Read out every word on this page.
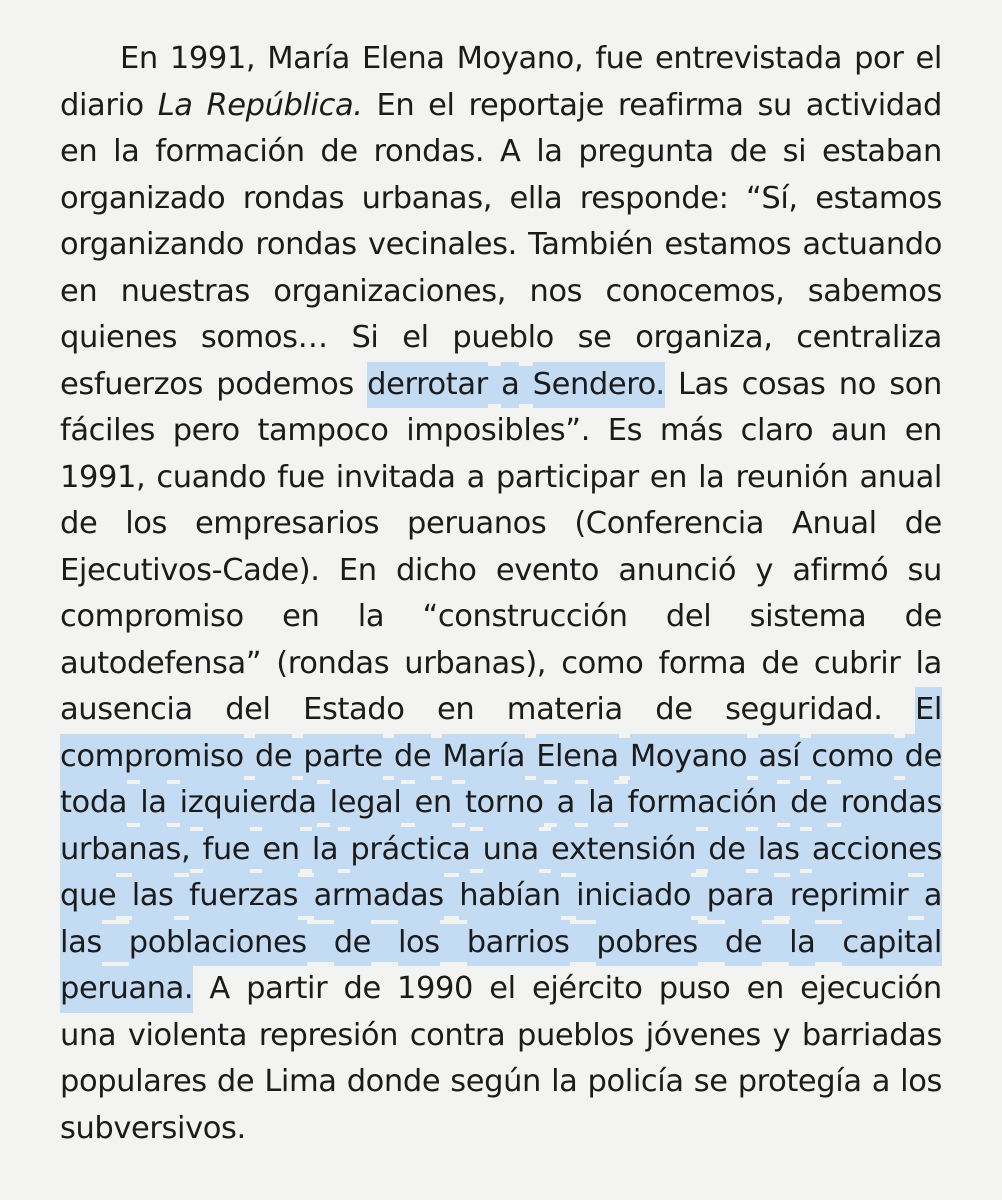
En 1991, María Elena Moyano, fue entrevistada por el
diario La República. En el reportaje reafirma su actividad
en la formación de rondas. A la pregunta de si estaban
organizado rondas urbanas, ella responde: “Sí, estamos
organizando rondas vecinales. También estamos actuando
en nuestras organizaciones, nos conocemos, sabemos
quienes somos… Si el pueblo se organiza, centraliza
esfuerzos podemos derrotar a Sendero. Las cosas no son
fáciles pero tampoco imposibles”. Es más claro aun en
1991, cuando fue invitada a participar en la reunión anual
de los empresarios peruanos (Conferencia Anual de
Ejecutivos-Cade). En dicho evento anunció y afirmó su
compromiso en la “construcción del sistema de
autodefensa” (rondas urbanas), como forma de cubrir la
ausencia del Estado en materia de seguridad. El
compromiso de parte de María Elena Moyano así como de
toda la izquierda legal en torno a la formación de rondas
urbanas, fue en la práctica una extensión de las acciones
que las fuerzas armadas habían iniciado para reprimir a
las poblaciones de los barrios pobres de la capital
peruana. A partir de 1990 el ejército puso en ejecución
una violenta represión contra pueblos jóvenes y barriadas
populares de Lima donde según la policía se protegía a los
subversivos.
